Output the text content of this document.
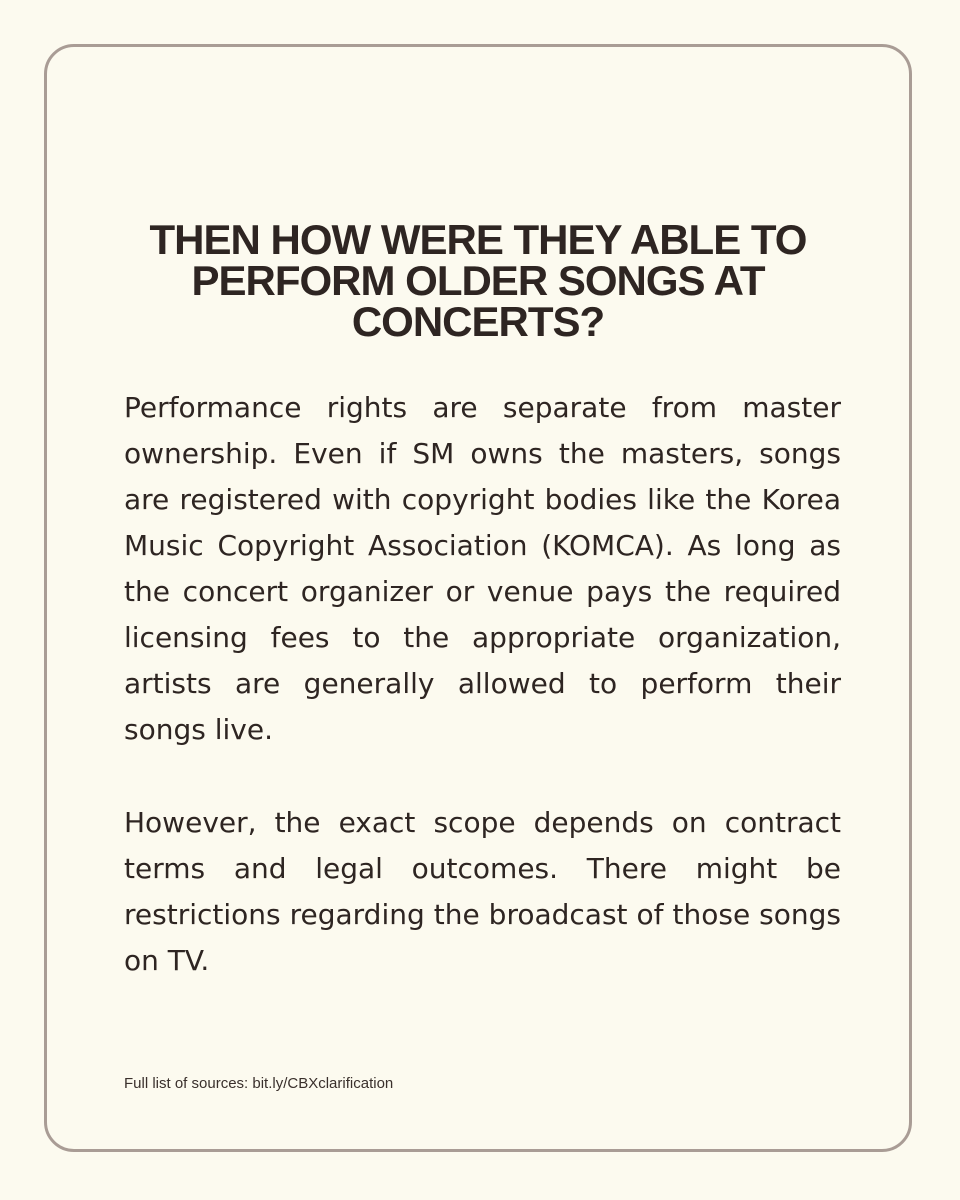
THEN HOW WERE THEY ABLE TO PERFORM OLDER SONGS AT CONCERTS?

Performance rights are separate from master ownership. Even if SM owns the masters, songs are registered with copyright bodies like the Korea Music Copyright Association (KOMCA). As long as the concert organizer or venue pays the required licensing fees to the appropriate organization, artists are generally allowed to perform their songs live.

However, the exact scope depends on contract terms and legal outcomes. There might be restrictions regarding the broadcast of those songs on TV.

Full list of sources: bit.ly/CBXclarification
